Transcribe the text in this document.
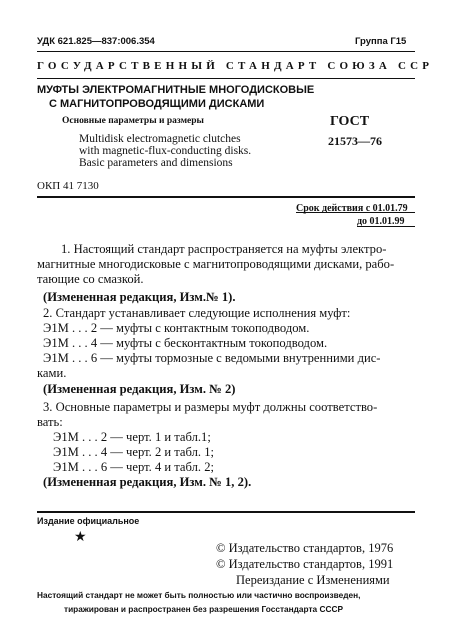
УДК 621.825—837:006.354	Группа Г15
ГОСУДАРСТВЕННЫЙ СТАНДАРТ СОЮЗА ССР
МУФТЫ ЭЛЕКТРОМАГНИТНЫЕ МНОГОДИСКОВЫЕ
С МАГНИТОПРОВОДЯЩИМИ ДИСКАМИ
Основные параметры и размеры	ГОСТ
Multidisk electromagnetic clutches	21573—76
with magnetic-flux-conducting disks.
Basic parameters and dimensions
ОКП 41 7130
Срок действия с 01.01.79
до 01.01.99
1. Настоящий стандарт распространяется на муфты электро-
магнитные многодисковые с магнитопроводящими дисками, рабо-
тающие со смазкой.
(Измененная редакция, Изм.№ 1).
2. Стандарт устанавливает следующие исполнения муфт:
Э1М . . . 2 — муфты с контактным токоподводом.
Э1М . . . 4 — муфты с бесконтактным токоподводом.
Э1М . . . 6 — муфты тормозные с ведомыми внутренними дис-
ками.
(Измененная редакция, Изм. № 2)
3. Основные параметры и размеры муфт должны соответство-
вать:
Э1М . . . 2 — черт. 1 и табл.1;
Э1М . . . 4 — черт. 2 и табл. 1;
Э1М . . . 6 — черт. 4 и табл. 2;
(Измененная редакция, Изм. № 1, 2).
Издание официальное
★
© Издательство стандартов, 1976
© Издательство стандартов, 1991
Переиздание с Изменениями
Настоящий стандарт не может быть полностью или частично воспроизведен,
тиражирован и распространен без разрешения Госстандарта СССР
